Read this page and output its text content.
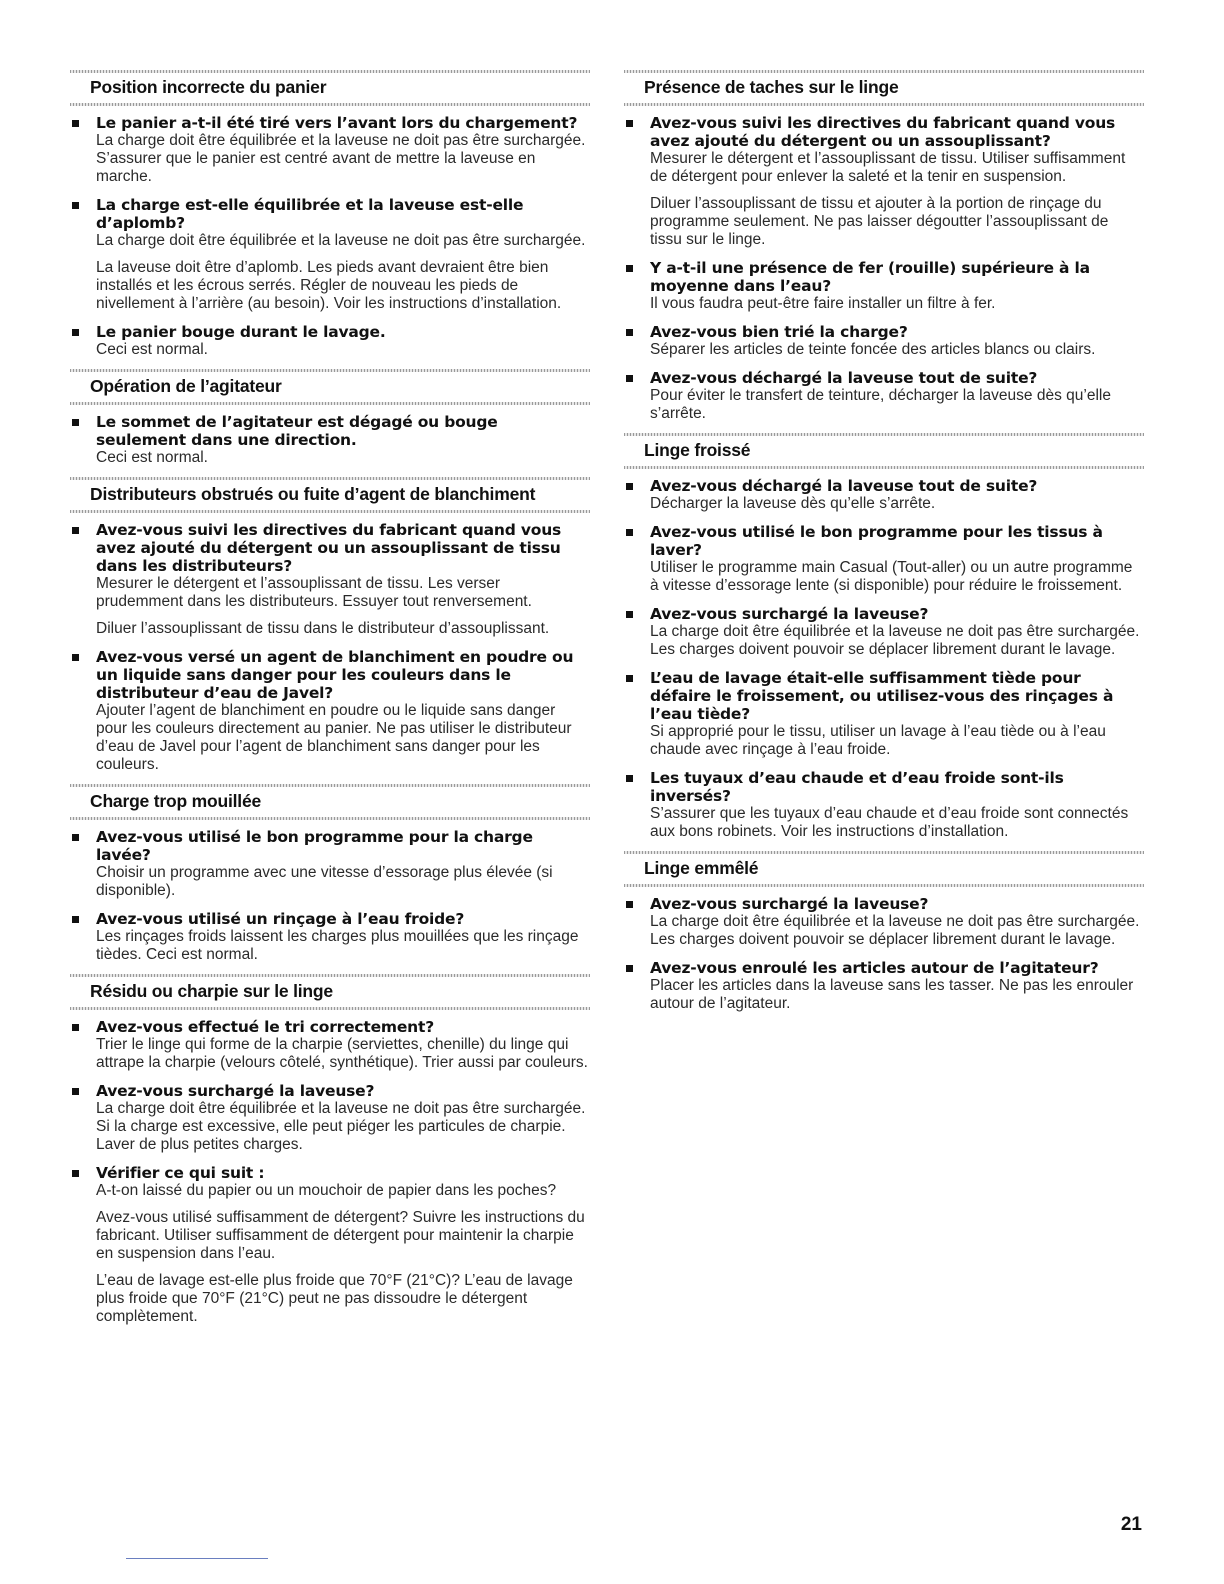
Position incorrecte du panier
Le panier a-t-il été tiré vers l’avant lors du chargement?
La charge doit être équilibrée et la laveuse ne doit pas être surchargée. S’assurer que le panier est centré avant de mettre la laveuse en marche.
La charge est-elle équilibrée et la laveuse est-elle d’aplomb?
La charge doit être équilibrée et la laveuse ne doit pas être surchargée.
La laveuse doit être d’aplomb. Les pieds avant devraient être bien installés et les écrous serrés. Régler de nouveau les pieds de nivellement à l’arrière (au besoin). Voir les instructions d’installation.
Le panier bouge durant le lavage.
Ceci est normal.
Opération de l’agitateur
Le sommet de l’agitateur est dégagé ou bouge seulement dans une direction.
Ceci est normal.
Distributeurs obstrués ou fuite d’agent de blanchiment
Avez-vous suivi les directives du fabricant quand vous avez ajouté du détergent ou un assouplissant de tissu dans les distributeurs?
Mesurer le détergent et l’assouplissant de tissu. Les verser prudemment dans les distributeurs. Essuyer tout renversement.
Diluer l’assouplissant de tissu dans le distributeur d’assouplissant.
Avez-vous versé un agent de blanchiment en poudre ou un liquide sans danger pour les couleurs dans le distributeur d’eau de Javel?
Ajouter l’agent de blanchiment en poudre ou le liquide sans danger pour les couleurs directement au panier. Ne pas utiliser le distributeur d’eau de Javel pour l’agent de blanchiment sans danger pour les couleurs.
Charge trop mouillée
Avez-vous utilisé le bon programme pour la charge lavée?
Choisir un programme avec une vitesse d’essorage plus élevée (si disponible).
Avez-vous utilisé un rinçage à l’eau froide?
Les rinçages froids laissent les charges plus mouillées que les rinçage tièdes. Ceci est normal.
Résidu ou charpie sur le linge
Avez-vous effectué le tri correctement?
Trier le linge qui forme de la charpie (serviettes, chenille) du linge qui attrape la charpie (velours côtelé, synthétique). Trier aussi par couleurs.
Avez-vous surchargé la laveuse?
La charge doit être équilibrée et la laveuse ne doit pas être surchargée. Si la charge est excessive, elle peut piéger les particules de charpie. Laver de plus petites charges.
Vérifier ce qui suit :
A-t-on laissé du papier ou un mouchoir de papier dans les poches?
Avez-vous utilisé suffisamment de détergent? Suivre les instructions du fabricant. Utiliser suffisamment de détergent pour maintenir la charpie en suspension dans l’eau.
L’eau de lavage est-elle plus froide que 70°F (21°C)? L’eau de lavage plus froide que 70°F (21°C) peut ne pas dissoudre le détergent complètement.
Présence de taches sur le linge
Avez-vous suivi les directives du fabricant quand vous avez ajouté du détergent ou un assouplissant?
Mesurer le détergent et l’assouplissant de tissu. Utiliser suffisamment de détergent pour enlever la saleté et la tenir en suspension.
Diluer l’assouplissant de tissu et ajouter à la portion de rinçage du programme seulement. Ne pas laisser dégoutter l’assouplissant de tissu sur le linge.
Y a-t-il une présence de fer (rouille) supérieure à la moyenne dans l’eau?
Il vous faudra peut-être faire installer un filtre à fer.
Avez-vous bien trié la charge?
Séparer les articles de teinte foncée des articles blancs ou clairs.
Avez-vous déchargé la laveuse tout de suite?
Pour éviter le transfert de teinture, décharger la laveuse dès qu’elle s’arrête.
Linge froissé
Avez-vous déchargé la laveuse tout de suite?
Décharger la laveuse dès qu’elle s’arrête.
Avez-vous utilisé le bon programme pour les tissus à laver?
Utiliser le programme main Casual (Tout-aller) ou un autre programme à vitesse d’essorage lente (si disponible) pour réduire le froissement.
Avez-vous surchargé la laveuse?
La charge doit être équilibrée et la laveuse ne doit pas être surchargée. Les charges doivent pouvoir se déplacer librement durant le lavage.
L’eau de lavage était-elle suffisamment tiède pour défaire le froissement, ou utilisez-vous des rinçages à l’eau tiède?
Si approprié pour le tissu, utiliser un lavage à l’eau tiède ou à l’eau chaude avec rinçage à l’eau froide.
Les tuyaux d’eau chaude et d’eau froide sont-ils inversés?
S’assurer que les tuyaux d’eau chaude et d’eau froide sont connectés aux bons robinets. Voir les instructions d’installation.
Linge emmêlé
Avez-vous surchargé la laveuse?
La charge doit être équilibrée et la laveuse ne doit pas être surchargée. Les charges doivent pouvoir se déplacer librement durant le lavage.
Avez-vous enroulé les articles autour de l’agitateur?
Placer les articles dans la laveuse sans les tasser. Ne pas les enrouler autour de l’agitateur.
21
